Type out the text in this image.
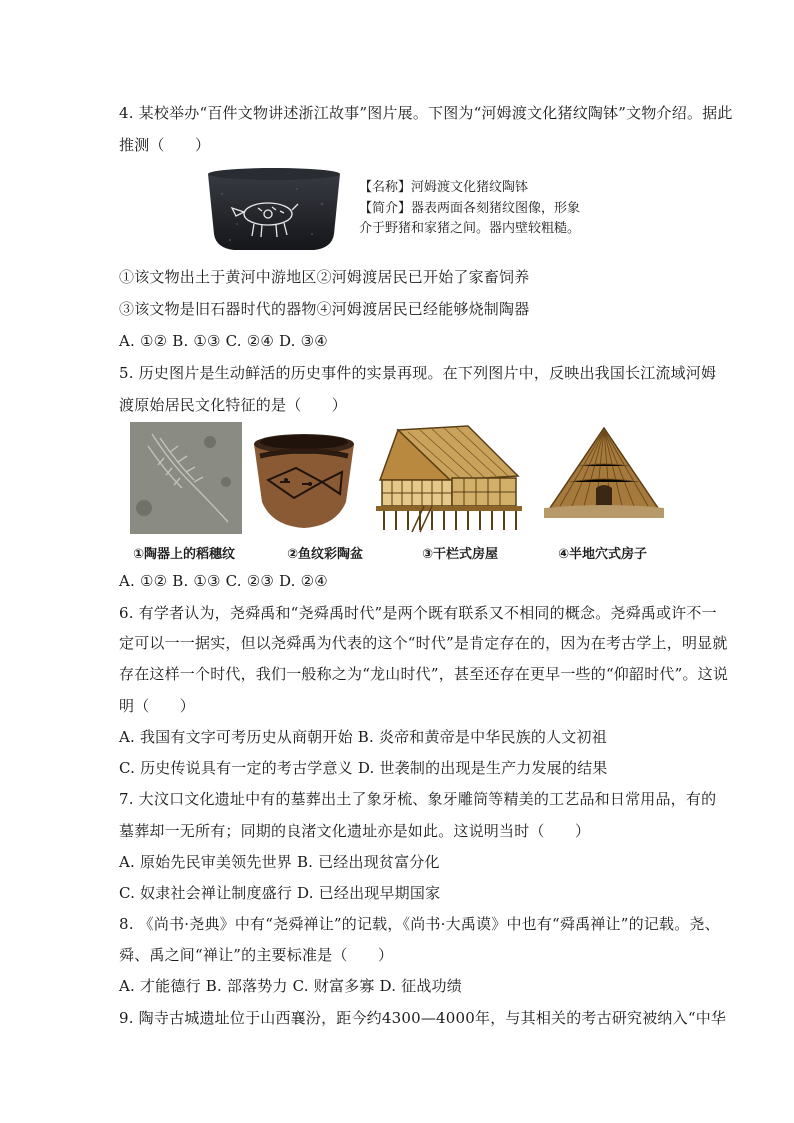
4. 某校举办“百件文物讲述浙江故事”图片展。下图为“河姆渡文化猪纹陶钵”文物介绍。据此
推测（　　）
【名称】河姆渡文化猪纹陶钵
【简介】器表两面各刻猪纹图像，形象
介于野猪和家猪之间。器内壁较粗糙。
①该文物出土于黄河中游地区②河姆渡居民已开始了家畜饲养
③该文物是旧石器时代的器物④河姆渡居民已经能够烧制陶器
A. ①② B. ①③ C. ②④ D. ③④
5. 历史图片是生动鲜活的历史事件的实景再现。在下列图片中，反映出我国长江流域河姆
渡原始居民文化特征的是（　　）
①陶器上的稻穗纹	②鱼纹彩陶盆	③干栏式房屋	④半地穴式房子
A. ①② B. ①③ C. ②③ D. ②④
6. 有学者认为，尧舜禹和“尧舜禹时代”是两个既有联系又不相同的概念。尧舜禹或许不一
定可以一一据实，但以尧舜禹为代表的这个“时代”是肯定存在的，因为在考古学上，明显就
存在这样一个时代，我们一般称之为“龙山时代”，甚至还存在更早一些的“仰韶时代”。这说
明（　　）
A. 我国有文字可考历史从商朝开始 B. 炎帝和黄帝是中华民族的人文初祖
C. 历史传说具有一定的考古学意义 D. 世袭制的出现是生产力发展的结果
7. 大汶口文化遗址中有的墓葬出土了象牙梳、象牙雕筒等精美的工艺品和日常用品，有的
墓葬却一无所有；同期的良渚文化遗址亦是如此。这说明当时（　　）
A. 原始先民审美领先世界 B. 已经出现贫富分化
C. 奴隶社会禅让制度盛行 D. 已经出现早期国家
8. 《尚书·尧典》中有“尧舜禅让”的记载，《尚书·大禹谟》中也有“舜禹禅让”的记载。尧、
舜、禹之间“禅让”的主要标准是（　　）
A. 才能德行 B. 部落势力 C. 财富多寡 D. 征战功绩
9. 陶寺古城遗址位于山西襄汾，距今约4300—4000年，与其相关的考古研究被纳入“中华
